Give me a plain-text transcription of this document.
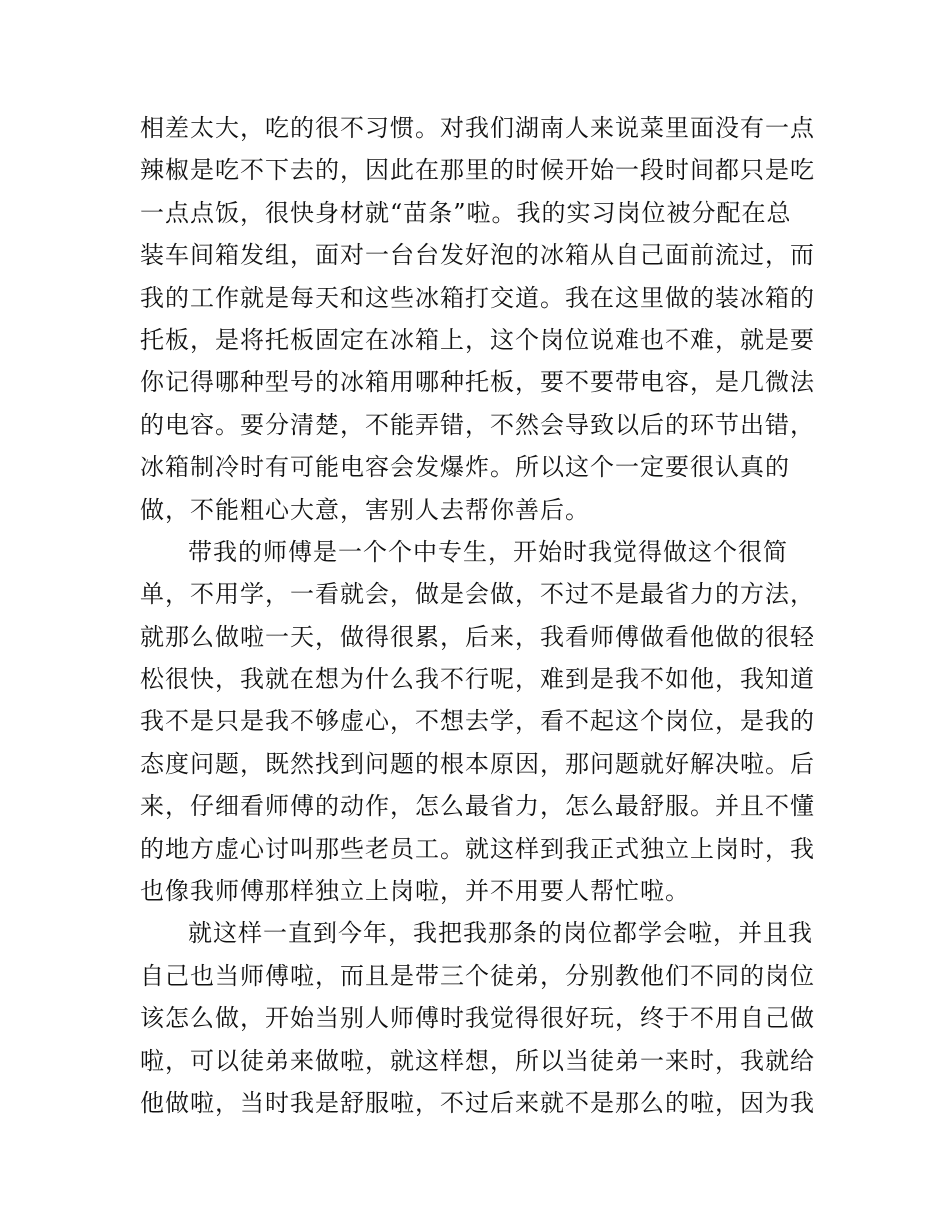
相差太大，吃的很不习惯。对我们湖南人来说菜里面没有一点
辣椒是吃不下去的，因此在那里的时候开始一段时间都只是吃
一点点饭，很快身材就“苗条”啦。我的实习岗位被分配在总
装车间箱发组，面对一台台发好泡的冰箱从自己面前流过，而
我的工作就是每天和这些冰箱打交道。我在这里做的装冰箱的
托板，是将托板固定在冰箱上，这个岗位说难也不难，就是要
你记得哪种型号的冰箱用哪种托板，要不要带电容，是几微法
的电容。要分清楚，不能弄错，不然会导致以后的环节出错，
冰箱制冷时有可能电容会发爆炸。所以这个一定要很认真的
做，不能粗心大意，害别人去帮你善后。
带我的师傅是一个个中专生，开始时我觉得做这个很简
单，不用学，一看就会，做是会做，不过不是最省力的方法，
就那么做啦一天，做得很累，后来，我看师傅做看他做的很轻
松很快，我就在想为什么我不行呢，难到是我不如他，我知道
我不是只是我不够虚心，不想去学，看不起这个岗位，是我的
态度问题，既然找到问题的根本原因，那问题就好解决啦。后
来，仔细看师傅的动作，怎么最省力，怎么最舒服。并且不懂
的地方虚心讨叫那些老员工。就这样到我正式独立上岗时，我
也像我师傅那样独立上岗啦，并不用要人帮忙啦。
就这样一直到今年，我把我那条的岗位都学会啦，并且我
自己也当师傅啦，而且是带三个徒弟，分别教他们不同的岗位
该怎么做，开始当别人师傅时我觉得很好玩，终于不用自己做
啦，可以徒弟来做啦，就这样想，所以当徒弟一来时，我就给
他做啦，当时我是舒服啦，不过后来就不是那么的啦，因为我
